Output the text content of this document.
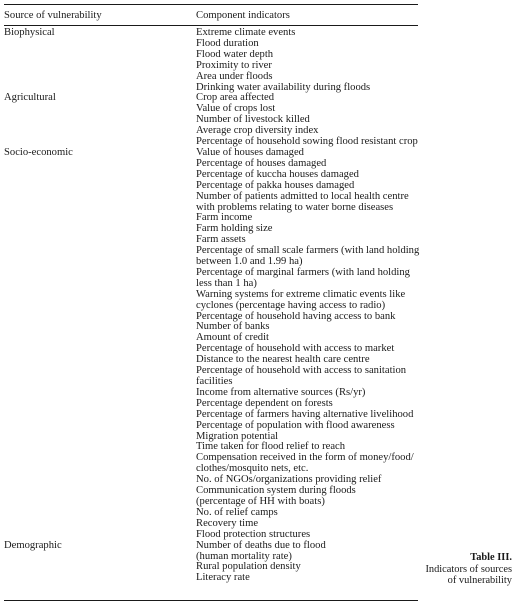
Source of vulnerability	Component indicators
Biophysical	Extreme climate events
Flood duration
Flood water depth
Proximity to river
Area under floods
Drinking water availability during floods
Agricultural	Crop area affected
Value of crops lost
Number of livestock killed
Average crop diversity index
Percentage of household sowing flood resistant crop
Socio-economic	Value of houses damaged
Percentage of houses damaged
Percentage of kuccha houses damaged
Percentage of pakka houses damaged
Number of patients admitted to local health centre
with problems relating to water borne diseases
Farm income
Farm holding size
Farm assets
Percentage of small scale farmers (with land holding
between 1.0 and 1.99 ha)
Percentage of marginal farmers (with land holding
less than 1 ha)
Warning systems for extreme climatic events like
cyclones (percentage having access to radio)
Percentage of household having access to bank
Number of banks
Amount of credit
Percentage of household with access to market
Distance to the nearest health care centre
Percentage of household with access to sanitation
facilities
Income from alternative sources (Rs/yr)
Percentage dependent on forests
Percentage of farmers having alternative livelihood
Percentage of population with flood awareness
Migration potential
Time taken for flood relief to reach
Compensation received in the form of money/food/
clothes/mosquito nets, etc.
No. of NGOs/organizations providing relief
Communication system during floods
(percentage of HH with boats)
No. of relief camps
Recovery time
Flood protection structures
Demographic	Number of deaths due to flood
(human mortality rate)
Rural population density
Literacy rate
Table III.
Indicators of sources
of vulnerability
